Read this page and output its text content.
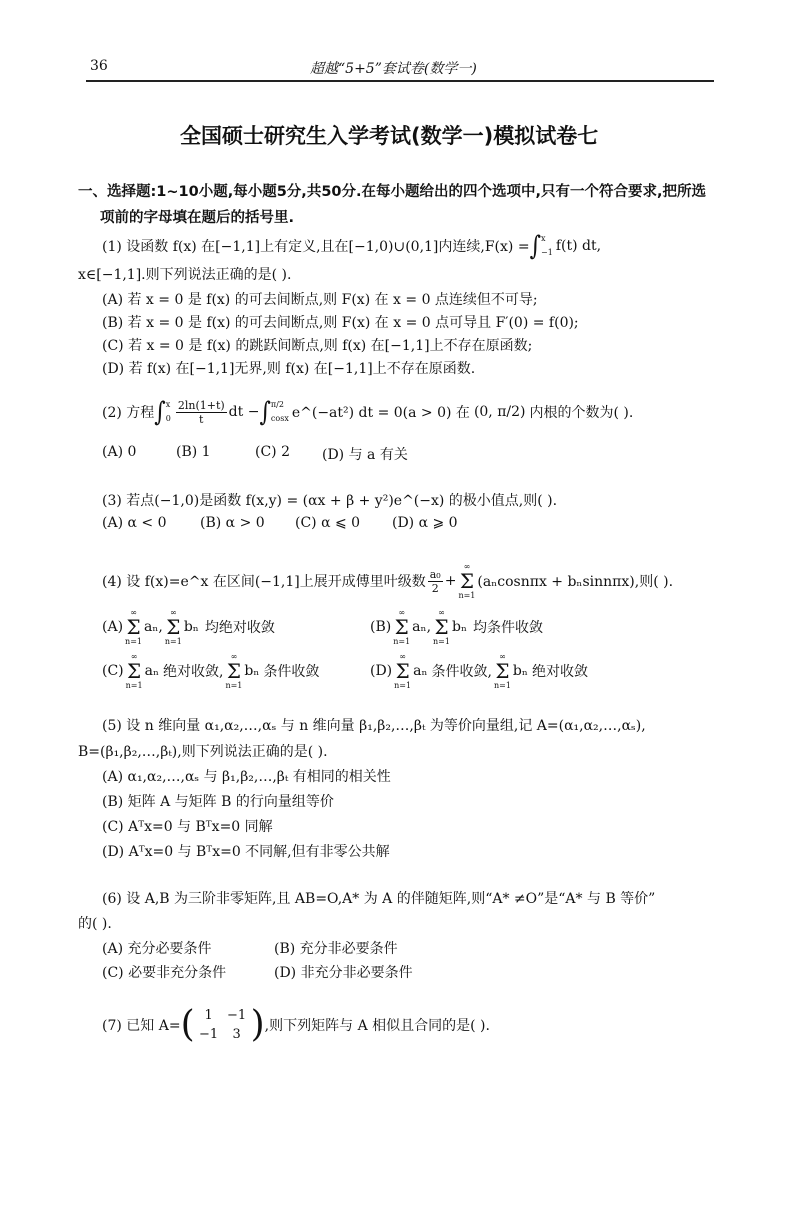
36	超越“5+5”套试卷(数学一)
全国硕士研究生入学考试(数学一)模拟试卷七
一、选择题:1~10小题,每小题5分,共50分.在每小题给出的四个选项中,只有一个符合要求,把所选
项前的字母填在题后的括号里.
(1) 设函数 f(x) 在[−1,1]上有定义,且在[−1,0)∪(0,1]内连续,F(x) = ∫ x
−1 f(t) dt,
x∈[−1,1].则下列说法正确的是( ).
(A) 若 x = 0 是 f(x) 的可去间断点,则 F(x) 在 x = 0 点连续但不可导;
(B) 若 x = 0 是 f(x) 的可去间断点,则 F(x) 在 x = 0 点可导且 F′(0) = f(0);
(C) 若 x = 0 是 f(x) 的跳跃间断点,则 f(x) 在[−1,1]上不存在原函数;
(D) 若 f(x) 在[−1,1]无界,则 f(x) 在[−1,1]上不存在原函数.
(2) 方程 ∫ x
$0 \frac{2\ln(1+t)}{t}$ dt − ∫ π/2
cosx e^(−at²) dt = 0(a > 0) 在 (0, π/2) 内根的个数为( ).
(A) 0	(B) 1	(C) 2 (D) 与 a 有关
(3) 若点(−1,0)是函数 f(x,y) = (αx + β + y²)e^(−x) 的极小值点,则( ).
(A) α < 0 (B) α > 0 (C) α ⩽ 0 (D) α ⩾ 0
(4) 设 f(x)=e^x 在区间(−1,1]上展开成傅里叶级数 $\frac{\text{a₀}}{2}$ +
∞
Σ
n=1
(aₙcosnπx + bₙsinnπx),则( ).
(A)
∞
Σ
n=1
aₙ ,
∞
Σ
n=1
bₙ 均绝对收敛	(B)
∞
Σ
n=1
aₙ ,
∞
Σ
n=1
bₙ 均条件收敛
(C)
∞
Σ
n=1
aₙ 绝对收敛,
∞
Σ
n=1
bₙ 条件收敛	(D)
∞
Σ
n=1
aₙ 条件收敛,
∞
Σ
n=1
bₙ 绝对收敛
(5) 设 n 维向量 α₁,α₂,…,αₛ 与 n 维向量 β₁,β₂,…,βₜ 为等价向量组,记 A=(α₁,α₂,…,αₛ),
B=(β₁,β₂,…,βₜ),则下列说法正确的是( ).
(A) α₁,α₂,…,αₛ 与 β₁,β₂,…,βₜ 有相同的相关性
(B) 矩阵 A 与矩阵 B 的行向量组等价
(C) Aᵀx=0 与 Bᵀx=0 同解
(D) Aᵀx=0 与 Bᵀx=0 不同解,但有非零公共解
(6) 设 A,B 为三阶非零矩阵,且 AB=O,A* 为 A 的伴随矩阵,则“A* ≠O”是“A* 与 B 等价”
的( ).
(A) 充分必要条件	(B) 充分非必要条件
(C) 必要非充分条件	(D) 非充分非必要条件
(7) 已知 A= ( 1	−1
−1	3 ) ,则下列矩阵与 A 相似且合同的是( ).
